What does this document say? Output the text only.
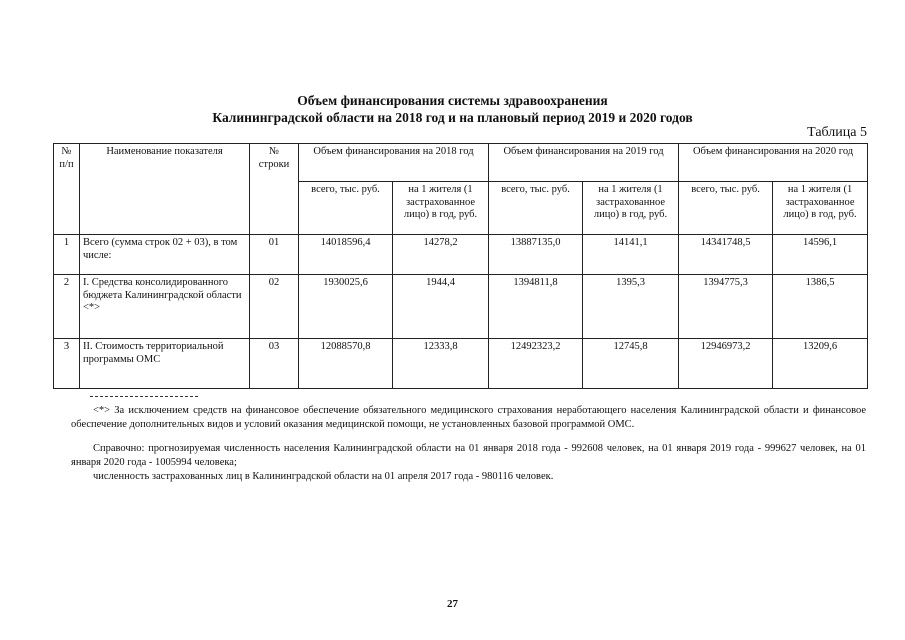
Объем финансирования системы здравоохранения
Калининградской области на 2018 год и на плановый период 2019 и 2020 годов
Таблица 5
№ п/п	Наименование показателя	№ строки	Объем финансирования на 2018 год		Объем финансирования на 2019 год		Объем финансирования на 2020 год	
			всего, тыс. руб.	на 1 жителя (1 застрахованное лицо) в год, руб.	всего, тыс. руб.	на 1 жителя (1 застрахованное лицо) в год, руб.	всего, тыс. руб.	на 1 жителя (1 застрахованное лицо) в год, руб.
1	Всего (сумма строк 02 + 03), в том числе:	01	14018596,4	14278,2	13887135,0	14141,1	14341748,5	14596,1
2	I. Средства консолидированного бюджета Калининградской области <*>	02	1930025,6	1944,4	1394811,8	1395,3	1394775,3	1386,5
3	II. Стоимость территориальной программы ОМС	03	12088570,8	12333,8	12492323,2	12745,8	12946973,2	13209,6
<*> За исключением средств на финансовое обеспечение обязательного медицинского страхования неработающего населения Калининградской области и финансовое обеспечение дополнительных видов и условий оказания медицинской помощи, не установленных базовой программой ОМС.
Справочно: прогнозируемая численность населения Калининградской области на 01 января 2018 года - 992608 человек, на 01 января 2019 года - 999627 человек, на 01 января 2020 года - 1005994 человека;
численность застрахованных лиц в Калининградской области на 01 апреля 2017 года - 980116 человек.
27
